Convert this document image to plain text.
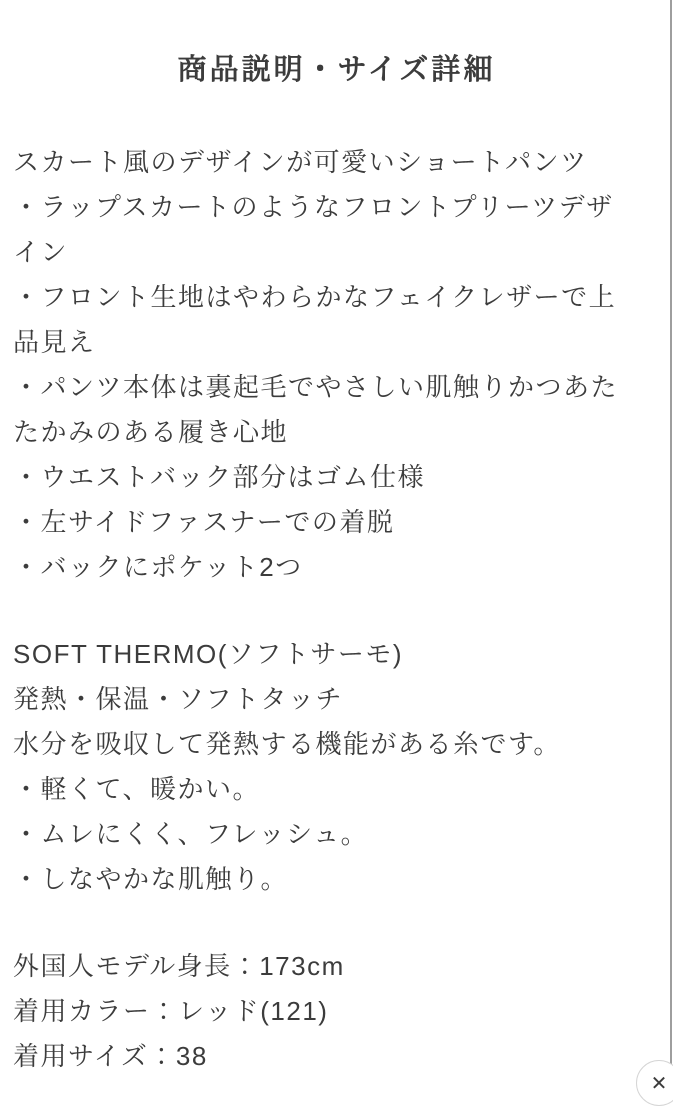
商品説明・サイズ詳細
スカート風のデザインが可愛いショートパンツ
・ラップスカートのようなフロントプリーツデザ
イン
・フロント生地はやわらかなフェイクレザーで上
品見え
・パンツ本体は裏起毛でやさしい肌触りかつあた
たかみのある履き心地
・ウエストバック部分はゴム仕様
・左サイドファスナーでの着脱
・バックにポケット2つ
SOFT THERMO(ソフトサーモ)
発熱・保温・ソフトタッチ
水分を吸収して発熱する機能がある糸です。
・軽くて、暖かい。
・ムレにくく、フレッシュ。
・しなやかな肌触り。
外国人モデル身長：173cm
着用カラー：レッド(121)
着用サイズ：38
✕
